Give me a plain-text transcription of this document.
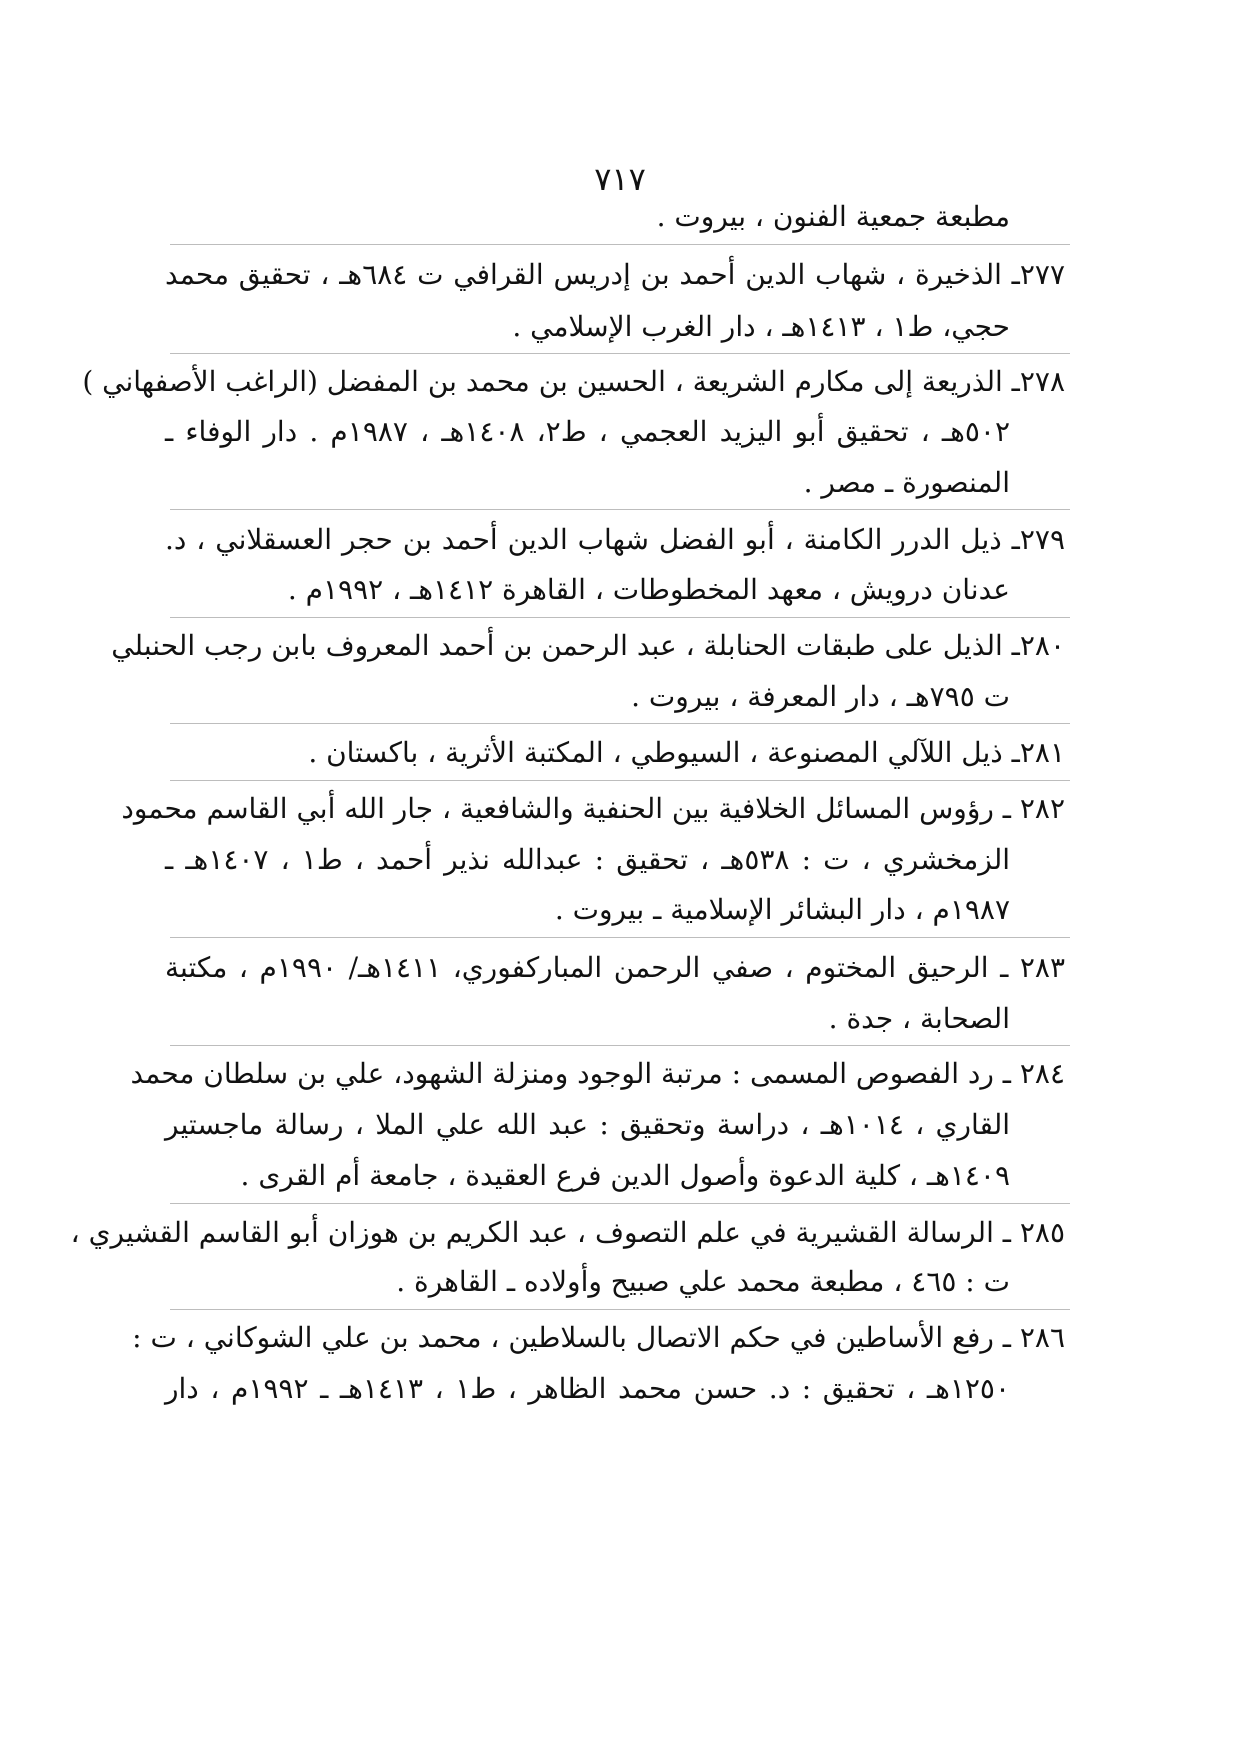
٧١٧
مطبعة جمعية الفنون ، بيروت .
٢٧٧ـ الذخيرة ، شهاب الدين أحمد بن إدريس القرافي ت ٦٨٤هـ ، تحقيق محمد
حجي، ط١ ، ١٤١٣هـ ، دار الغرب الإسلامي .
٢٧٨ـ الذريعة إلى مكارم الشريعة ، الحسين بن محمد بن المفضل (الراغب الأصفهاني )
٥٠٢هـ ، تحقيق أبو اليزيد العجمي ، ط٢، ١٤٠٨هـ ، ١٩٨٧م . دار الوفاء ـ
المنصورة ـ مصر .
٢٧٩ـ ذيل الدرر الكامنة ، أبو الفضل شهاب الدين أحمد بن حجر العسقلاني ، د.
عدنان درويش ، معهد المخطوطات ، القاهرة ١٤١٢هـ ، ١٩٩٢م .
٢٨٠ـ الذيل على طبقات الحنابلة ، عبد الرحمن بن أحمد المعروف بابن رجب الحنبلي
ت ٧٩٥هـ ، دار المعرفة ، بيروت .
٢٨١ـ ذيل اللآلي المصنوعة ، السيوطي ، المكتبة الأثرية ، باكستان .
٢٨٢ ـ رؤوس المسائل الخلافية بين الحنفية والشافعية ، جار الله أبي القاسم محمود
الزمخشري ، ت : ٥٣٨هـ ، تحقيق : عبدالله نذير أحمد ، ط١ ، ١٤٠٧هـ ـ
١٩٨٧م ، دار البشائر الإسلامية ـ بيروت .
٢٨٣ ـ الرحيق المختوم ، صفي الرحمن المباركفوري، ١٤١١هـ/ ١٩٩٠م ، مكتبة
الصحابة ، جدة .
٢٨٤ ـ رد الفصوص المسمى : مرتبة الوجود ومنزلة الشهود، علي بن سلطان محمد
القاري ، ١٠١٤هـ ، دراسة وتحقيق : عبد الله علي الملا ، رسالة ماجستير
١٤٠٩هـ ، كلية الدعوة وأصول الدين فرع العقيدة ، جامعة أم القرى .
٢٨٥ ـ الرسالة القشيرية في علم التصوف ، عبد الكريم بن هوزان أبو القاسم القشيري ،
ت : ٤٦٥ ، مطبعة محمد علي صبيح وأولاده ـ القاهرة .
٢٨٦ ـ رفع الأساطين في حكم الاتصال بالسلاطين ، محمد بن علي الشوكاني ، ت :
١٢٥٠هـ ، تحقيق : د. حسن محمد الظاهر ، ط١ ، ١٤١٣هـ ـ ١٩٩٢م ، دار
